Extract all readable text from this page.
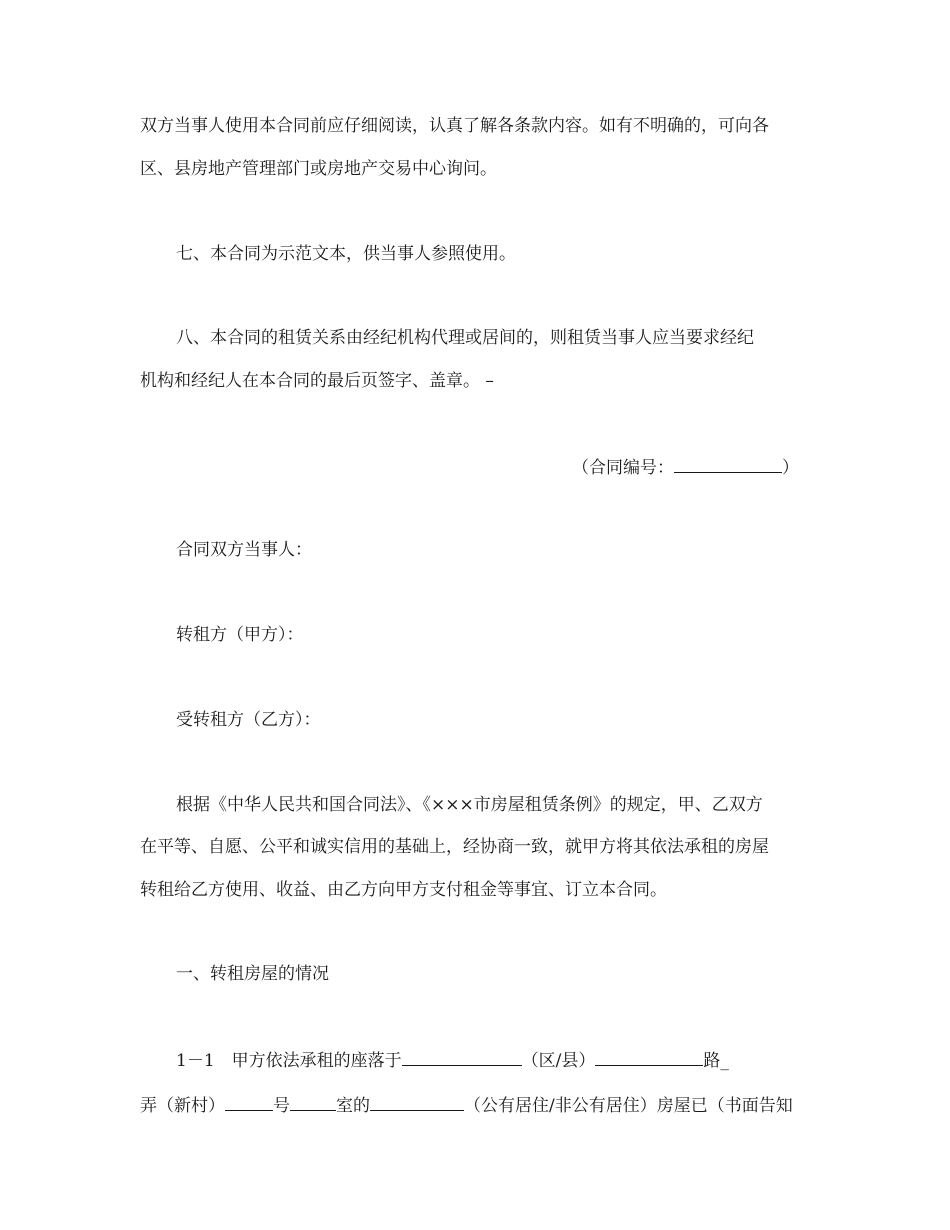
双方当事人使用本合同前应仔细阅读，认真了解各条款内容。如有不明确的，可向各
区、县房地产管理部门或房地产交易中心询问。
七、本合同为示范文本，供当事人参照使用。
八、本合同的租赁关系由经纪机构代理或居间的，则租赁当事人应当要求经纪
机构和经纪人在本合同的最后页签字、盖章。 –
（合同编号：	）
合同双方当事人：
转租方（甲方）：
受转租方（乙方）：
根据《中华人民共和国合同法》、《×××市房屋租赁条例》的规定，甲、乙双方
在平等、自愿、公平和诚实信用的基础上，经协商一致，就甲方将其依法承租的房屋
转租给乙方使用、收益、由乙方向甲方支付租金等事宜、订立本合同。
一、转租房屋的情况
1－1  甲方依法承租的座落于	（区/县）	路_
弄（新村）	号	室的	（公有居住/非公有居住）房屋已（书面告知
